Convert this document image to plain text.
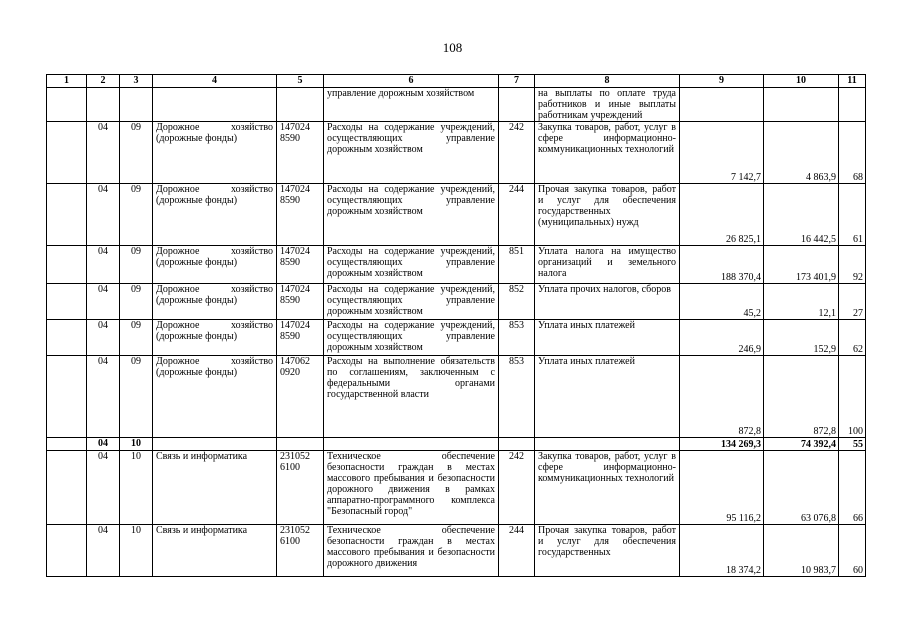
108
1	2	3	4	5	6	7	8	9	10	11
					управление дорожным хозяйством		на выплаты по оплате труда работников и иные выплаты работникам учреждений			
	04	09	Дорожное хозяйство (дорожные фонды)	147024 8590	Расходы на содержание учреждений, осуществляющих управление дорожным хозяйством	242	Закупка товаров, работ, услуг в сфере информационно-коммуникационных технологий	7 142,7	4 863,9	68
	04	09	Дорожное хозяйство (дорожные фонды)	147024 8590	Расходы на содержание учреждений, осуществляющих управление дорожным хозяйством	244	Прочая закупка товаров, работ и услуг для обеспечения государственных (муниципальных) нужд	26 825,1	16 442,5	61
	04	09	Дорожное хозяйство (дорожные фонды)	147024 8590	Расходы на содержание учреждений, осуществляющих управление дорожным хозяйством	851	Уплата налога на имущество организаций и земельного налога	188 370,4	173 401,9	92
	04	09	Дорожное хозяйство (дорожные фонды)	147024 8590	Расходы на содержание учреждений, осуществляющих управление дорожным хозяйством	852	Уплата прочих налогов, сборов	45,2	12,1	27
	04	09	Дорожное хозяйство (дорожные фонды)	147024 8590	Расходы на содержание учреждений, осуществляющих управление дорожным хозяйством	853	Уплата иных платежей	246,9	152,9	62
	04	09	Дорожное хозяйство (дорожные фонды)	147062 0920	Расходы на выполнение обязательств по соглашениям, заключенным с федеральными органами государственной власти	853	Уплата иных платежей	872,8	872,8	100
	04	10						134 269,3	74 392,4	55
	04	10	Связь и информатика	231052 6100	Техническое обеспечение безопасности граждан в местах массового пребывания и безопасности дорожного движения в рамках аппаратно-программного комплекса "Безопасный город"	242	Закупка товаров, работ, услуг в сфере информационно-коммуникационных технологий	95 116,2	63 076,8	66
	04	10	Связь и информатика	231052 6100	Техническое обеспечение безопасности граждан в местах массового пребывания и безопасности дорожного движения	244	Прочая закупка товаров, работ и услуг для обеспечения государственных	18 374,2	10 983,7	60
